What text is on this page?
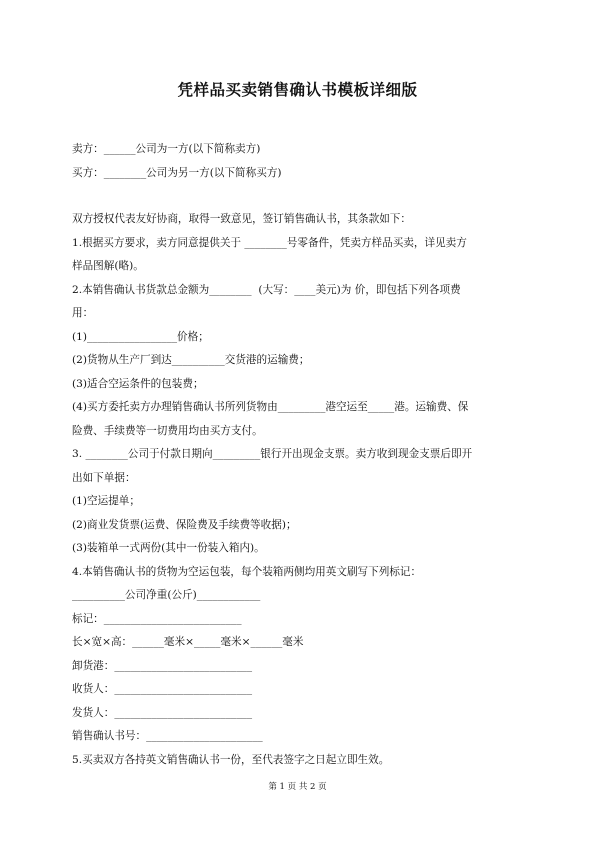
凭样品买卖销售确认书模板详细版
卖方：______公司为一方(以下简称卖方)
买方：________公司为另一方(以下简称买方)
双方授权代表友好协商，取得一致意见，签订销售确认书，其条款如下：
1.根据买方要求，卖方同意提供关于 ________号零备件，凭卖方样品买卖，详见卖方
样品图解(略)。
2.本销售确认书货款总金额为________  (大写：____美元)为 价，即包括下列各项费
用：
(1)_________________价格；
(2)货物从生产厂到达__________交货港的运输费；
(3)适合空运条件的包装费；
(4)买方委托卖方办理销售确认书所列货物由_________港空运至_____港。运输费、保
险费、手续费等一切费用均由买方支付。
3. ________公司于付款日期向_________银行开出现金支票。卖方收到现金支票后即开
出如下单据：
(1)空运提单；
(2)商业发货票(运费、保险费及手续费等收据)；
(3)装箱单一式两份(其中一份装入箱内)。
4.本销售确认书的货物为空运包装，每个装箱两侧均用英文刷写下列标记：
__________公司净重(公斤)____________
标记：__________________________
长×宽×高：______毫米×_____毫米×______毫米
卸货港：__________________________
收货人：__________________________
发货人：__________________________
销售确认书号：______________________
5.买卖双方各持英文销售确认书一份，至代表签字之日起立即生效。
第 1 页 共 2 页
